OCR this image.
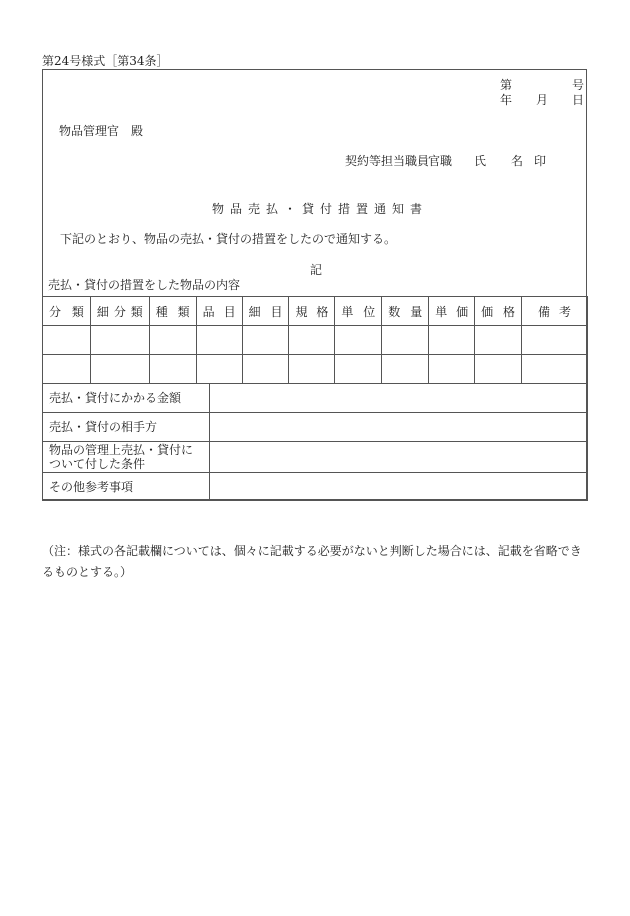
第24号様式［第34条］
第	号
年 月 日
物品管理官　殿
契約等担当職員
官職 氏 名 印
物品売払・貸付措置通知書
下記のとおり、物品の売払・貸付の措置をしたので通知する。
記
売払・貸付の措置をした物品の内容
分類	細分類	種類	品目	細目	規格	単位	数量	単価	価格	備考

売払・貸付にかかる金額	
売払・貸付の相手方	
物品の管理上売払・貸付について付した条件	
その他参考事項	
（注：様式の各記載欄については、個々に記載する必要がないと判断した場合には、記載を省略できるものとする。）
